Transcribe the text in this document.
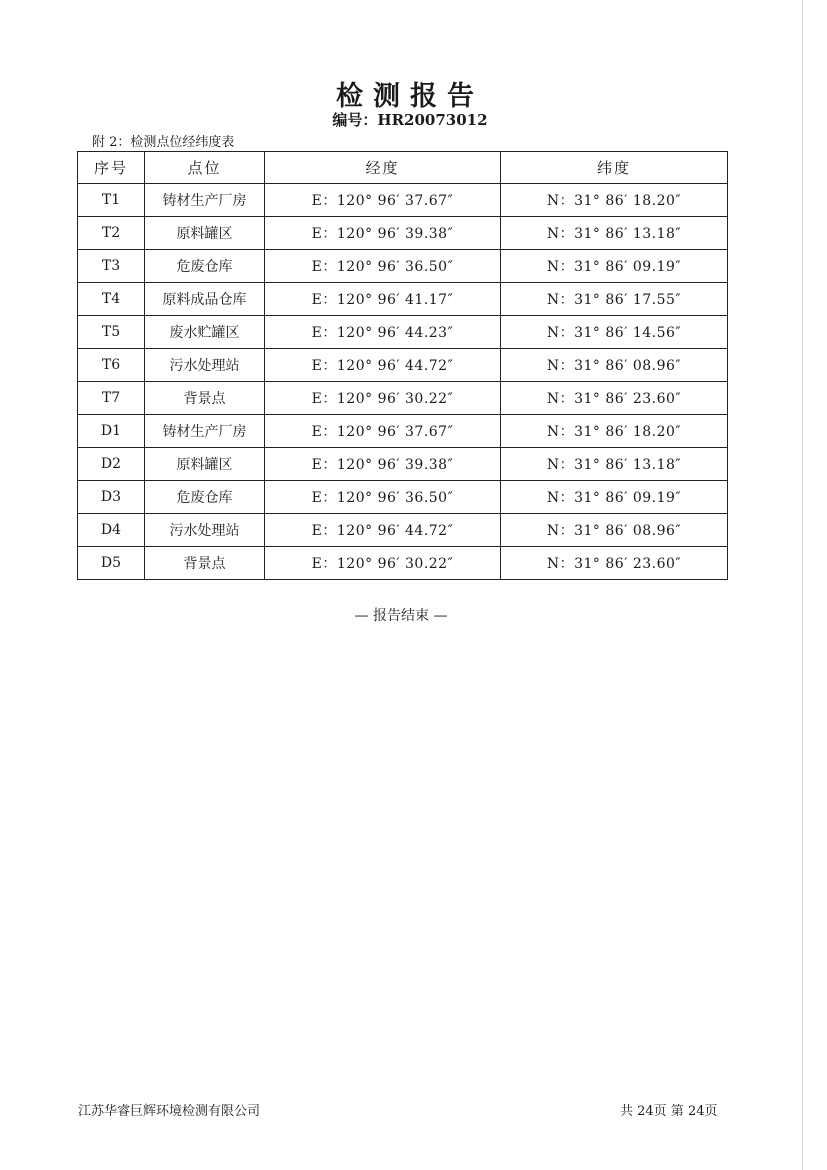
检测报告
编号：HR20073012
附 2：检测点位经纬度表
序号	点位	经度	纬度
T1	铸材生产厂房	E：120° 96′ 37.67″	N：31° 86′ 18.20″
T2	原料罐区	E：120° 96′ 39.38″	N：31° 86′ 13.18″
T3	危废仓库	E：120° 96′ 36.50″	N：31° 86′ 09.19″
T4	原料成品仓库	E：120° 96′ 41.17″	N：31° 86′ 17.55″
T5	废水贮罐区	E：120° 96′ 44.23″	N：31° 86′ 14.56″
T6	污水处理站	E：120° 96′ 44.72″	N：31° 86′ 08.96″
T7	背景点	E：120° 96′ 30.22″	N：31° 86′ 23.60″
D1	铸材生产厂房	E：120° 96′ 37.67″	N：31° 86′ 18.20″
D2	原料罐区	E：120° 96′ 39.38″	N：31° 86′ 13.18″
D3	危废仓库	E：120° 96′ 36.50″	N：31° 86′ 09.19″
D4	污水处理站	E：120° 96′ 44.72″	N：31° 86′ 08.96″
D5	背景点	E：120° 96′ 30.22″	N：31° 86′ 23.60″
— 报告结束 —
江苏华睿巨辉环境检测有限公司	共 24页 第 24页
